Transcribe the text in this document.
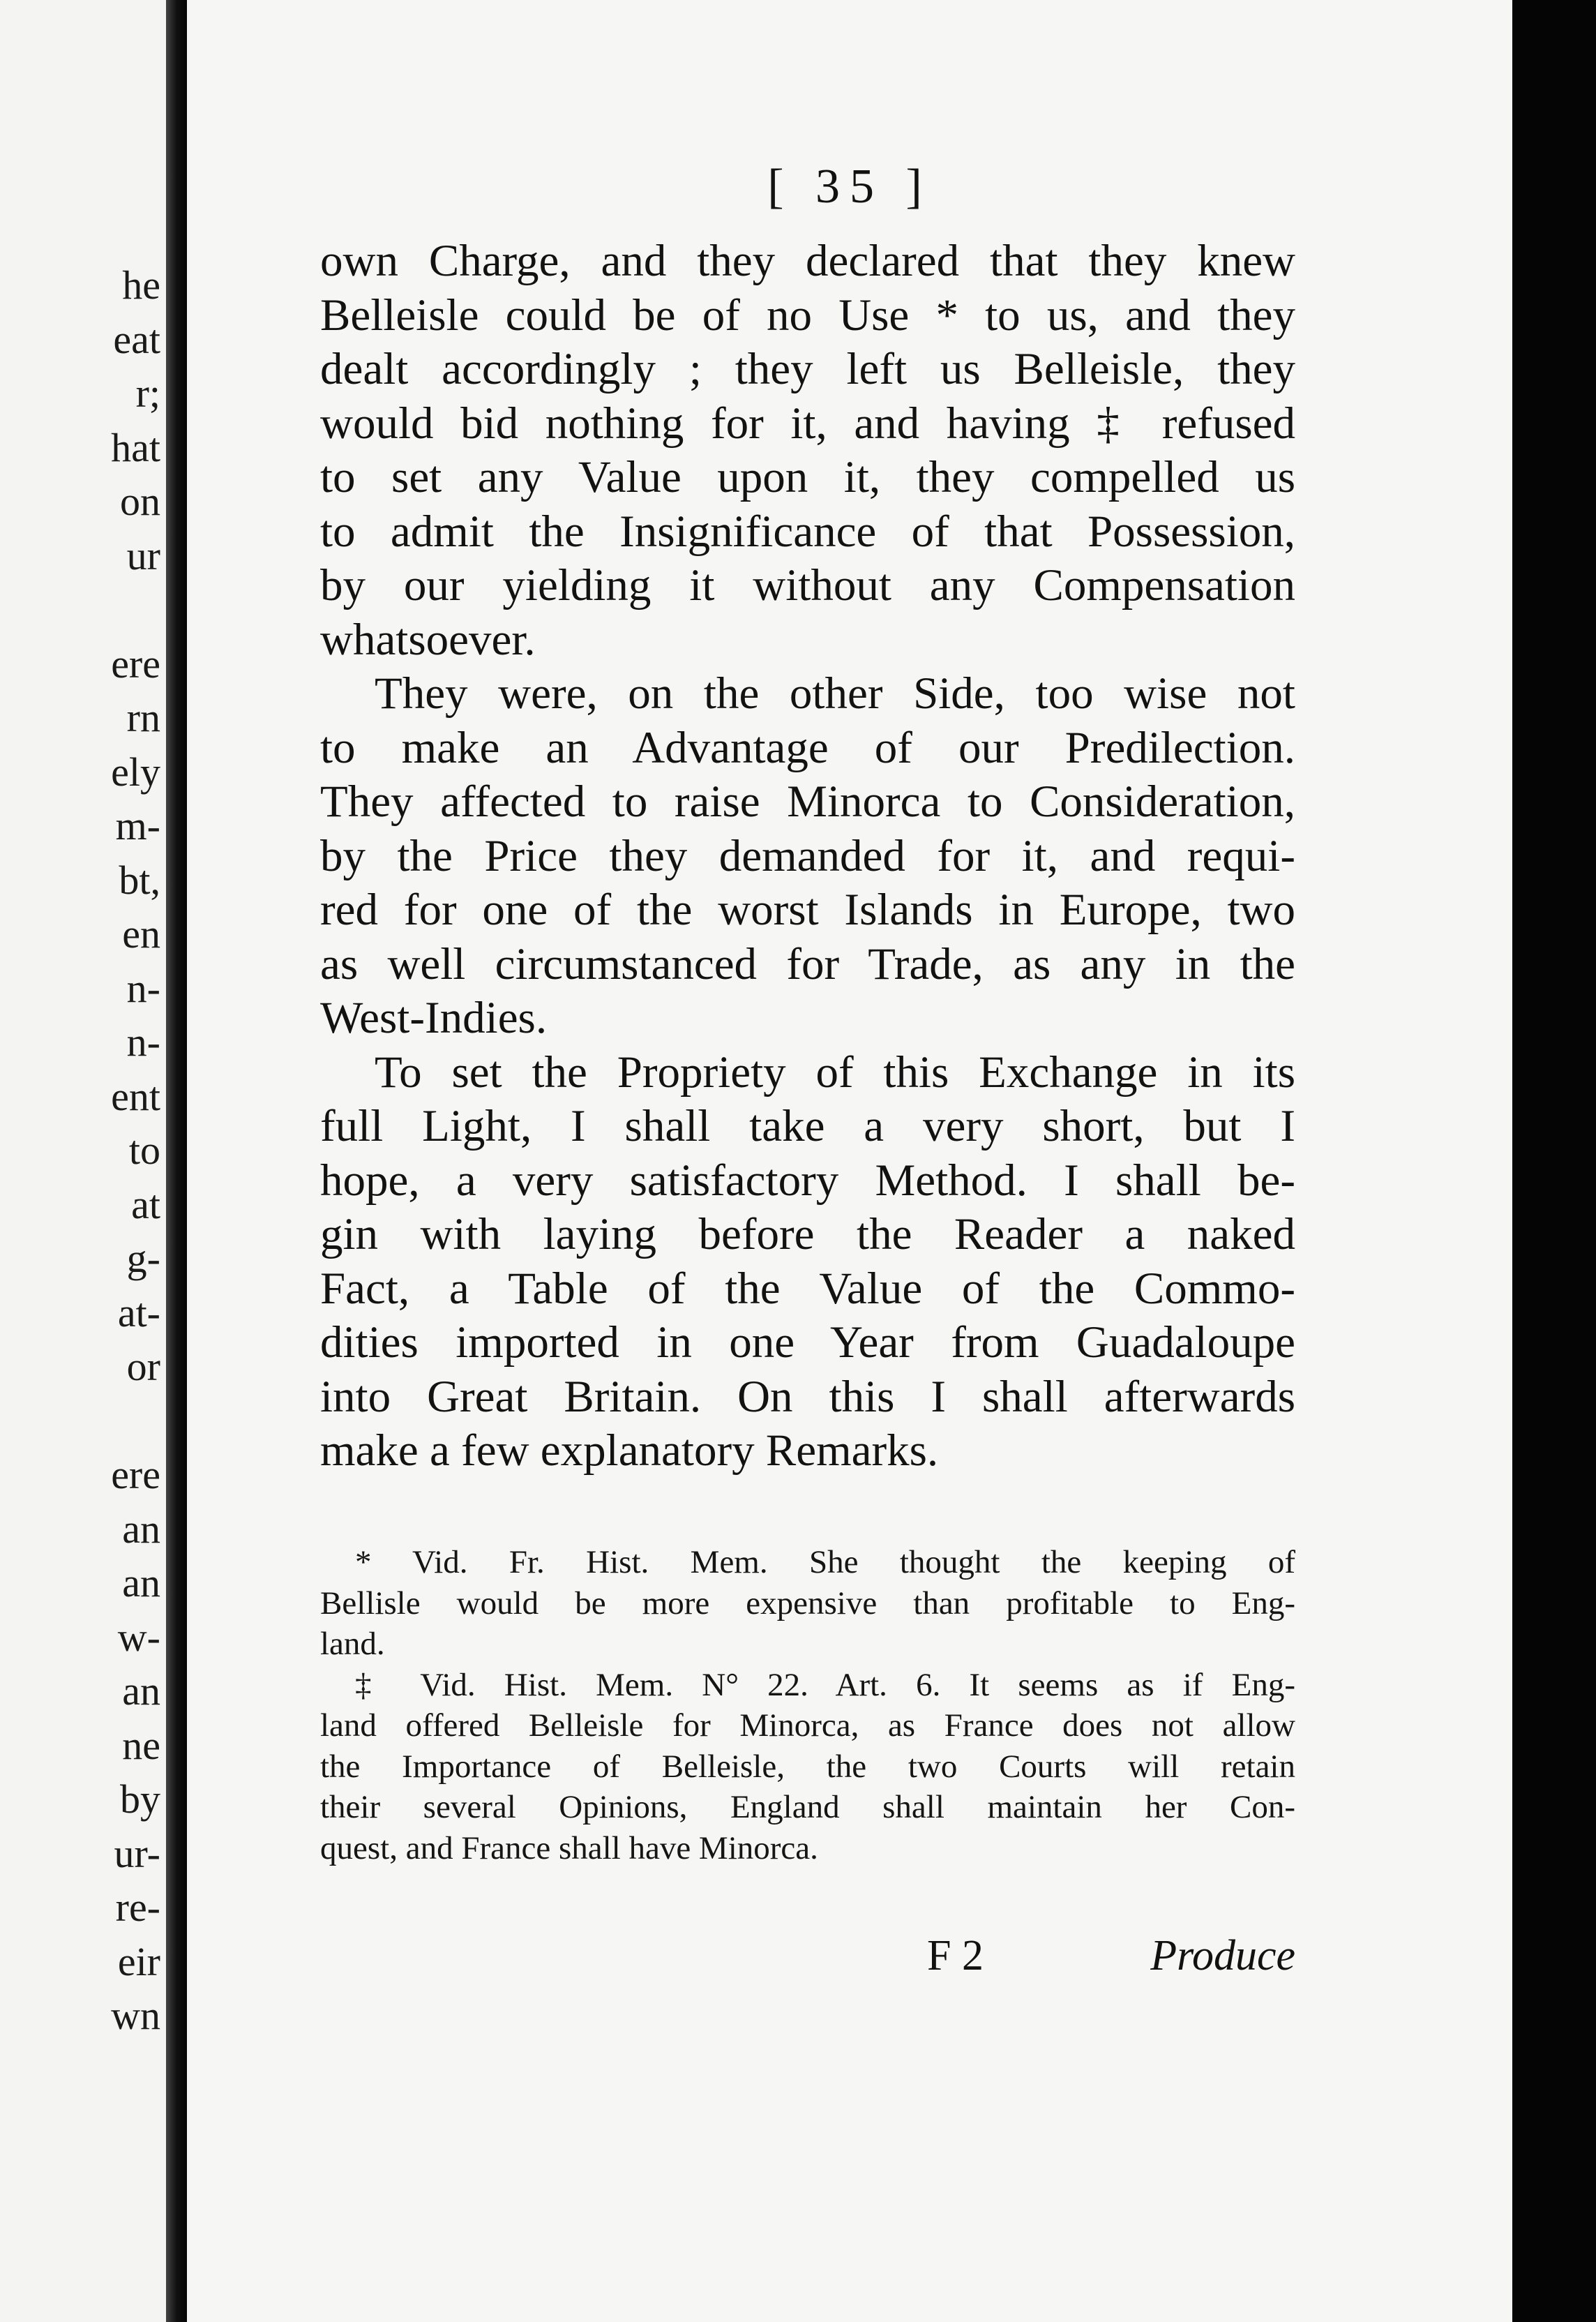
he
eat
r;
hat
on
ur

ere
rn
ely
m-
bt,
en
n-
n-
ent
to
at
g-
at-
or

ere
an
an
w-
an
ne
by
ur-
re-
eir
wn
[ 35 ]
own Charge, and they declared that they knew
Belleisle could be of no Use * to us, and they
dealt accordingly ; they left us Belleisle, they
would bid nothing for it, and having ‡ refused
to set any Value upon it, they compelled us
to admit the Insignificance of that Possession,
by our yielding it without any Compensation
whatsoever.
They were, on the other Side, too wise not
to make an Advantage of our Predilection.
They affected to raise Minorca to Consideration,
by the Price they demanded for it, and requi-
red for one of the worst Islands in Europe, two
as well circumstanced for Trade, as any in the
West-Indies.
To set the Propriety of this Exchange in its
full Light, I shall take a very short, but I
hope, a very satisfactory Method. I shall be-
gin with laying before the Reader a naked
Fact, a Table of the Value of the Commo-
dities imported in one Year from Guadaloupe
into Great Britain. On this I shall afterwards
make a few explanatory Remarks.
* Vid. Fr. Hist. Mem. She thought the keeping of
Bellisle would be more expensive than profitable to Eng-
land.
‡ Vid. Hist. Mem. N° 22. Art. 6. It seems as if Eng-
land offered Belleisle for Minorca, as France does not allow
the Importance of Belleisle, the two Courts will retain
their several Opinions, England shall maintain her Con-
quest, and France shall have Minorca.
F 2	Produce
